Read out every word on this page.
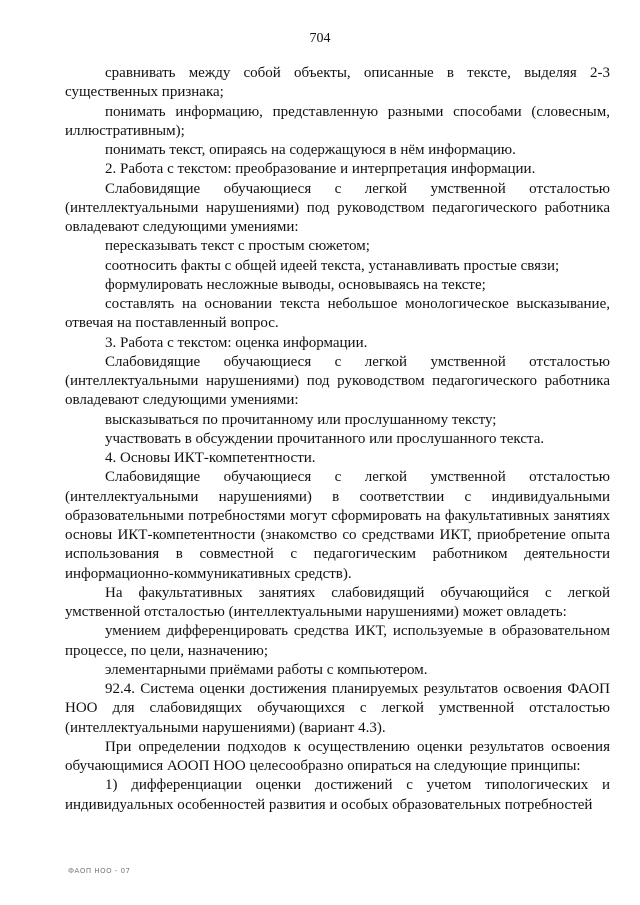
704

сравнивать между собой объекты, описанные в тексте, выделяя 2-3 существенных признака;

понимать информацию, представленную разными способами (словесным, иллюстративным);

понимать текст, опираясь на содержащуюся в нём информацию.

2. Работа с текстом: преобразование и интерпретация информации.

Слабовидящие обучающиеся с легкой умственной отсталостью (интеллектуальными нарушениями) под руководством педагогического работника овладевают следующими умениями:

пересказывать текст с простым сюжетом;

соотносить факты с общей идеей текста, устанавливать простые связи;

формулировать несложные выводы, основываясь на тексте;

составлять на основании текста небольшое монологическое высказывание, отвечая на поставленный вопрос.

3. Работа с текстом: оценка информации.

Слабовидящие обучающиеся с легкой умственной отсталостью (интеллектуальными нарушениями) под руководством педагогического работника овладевают следующими умениями:

высказываться по прочитанному или прослушанному тексту;

участвовать в обсуждении прочитанного или прослушанного текста.

4. Основы ИКТ-компетентности.

Слабовидящие обучающиеся с легкой умственной отсталостью (интеллектуальными нарушениями) в соответствии с индивидуальными образовательными потребностями могут сформировать на факультативных занятиях основы ИКТ-компетентности (знакомство со средствами ИКТ, приобретение опыта использования в совместной с педагогическим работником деятельности информационно-коммуникативных средств).

На факультативных занятиях слабовидящий обучающийся с легкой умственной отсталостью (интеллектуальными нарушениями) может овладеть:

умением дифференцировать средства ИКТ, используемые в образовательном процессе, по цели, назначению;

элементарными приёмами работы с компьютером.

92.4. Система оценки достижения планируемых результатов освоения ФАОП НОО для слабовидящих обучающихся с легкой умственной отсталостью (интеллектуальными нарушениями) (вариант 4.3).

При определении подходов к осуществлению оценки результатов освоения обучающимися АООП НОО целесообразно опираться на следующие принципы:

1) дифференциации оценки достижений с учетом типологических и индивидуальных особенностей развития и особых образовательных потребностей

ФАОП НОО - 07
